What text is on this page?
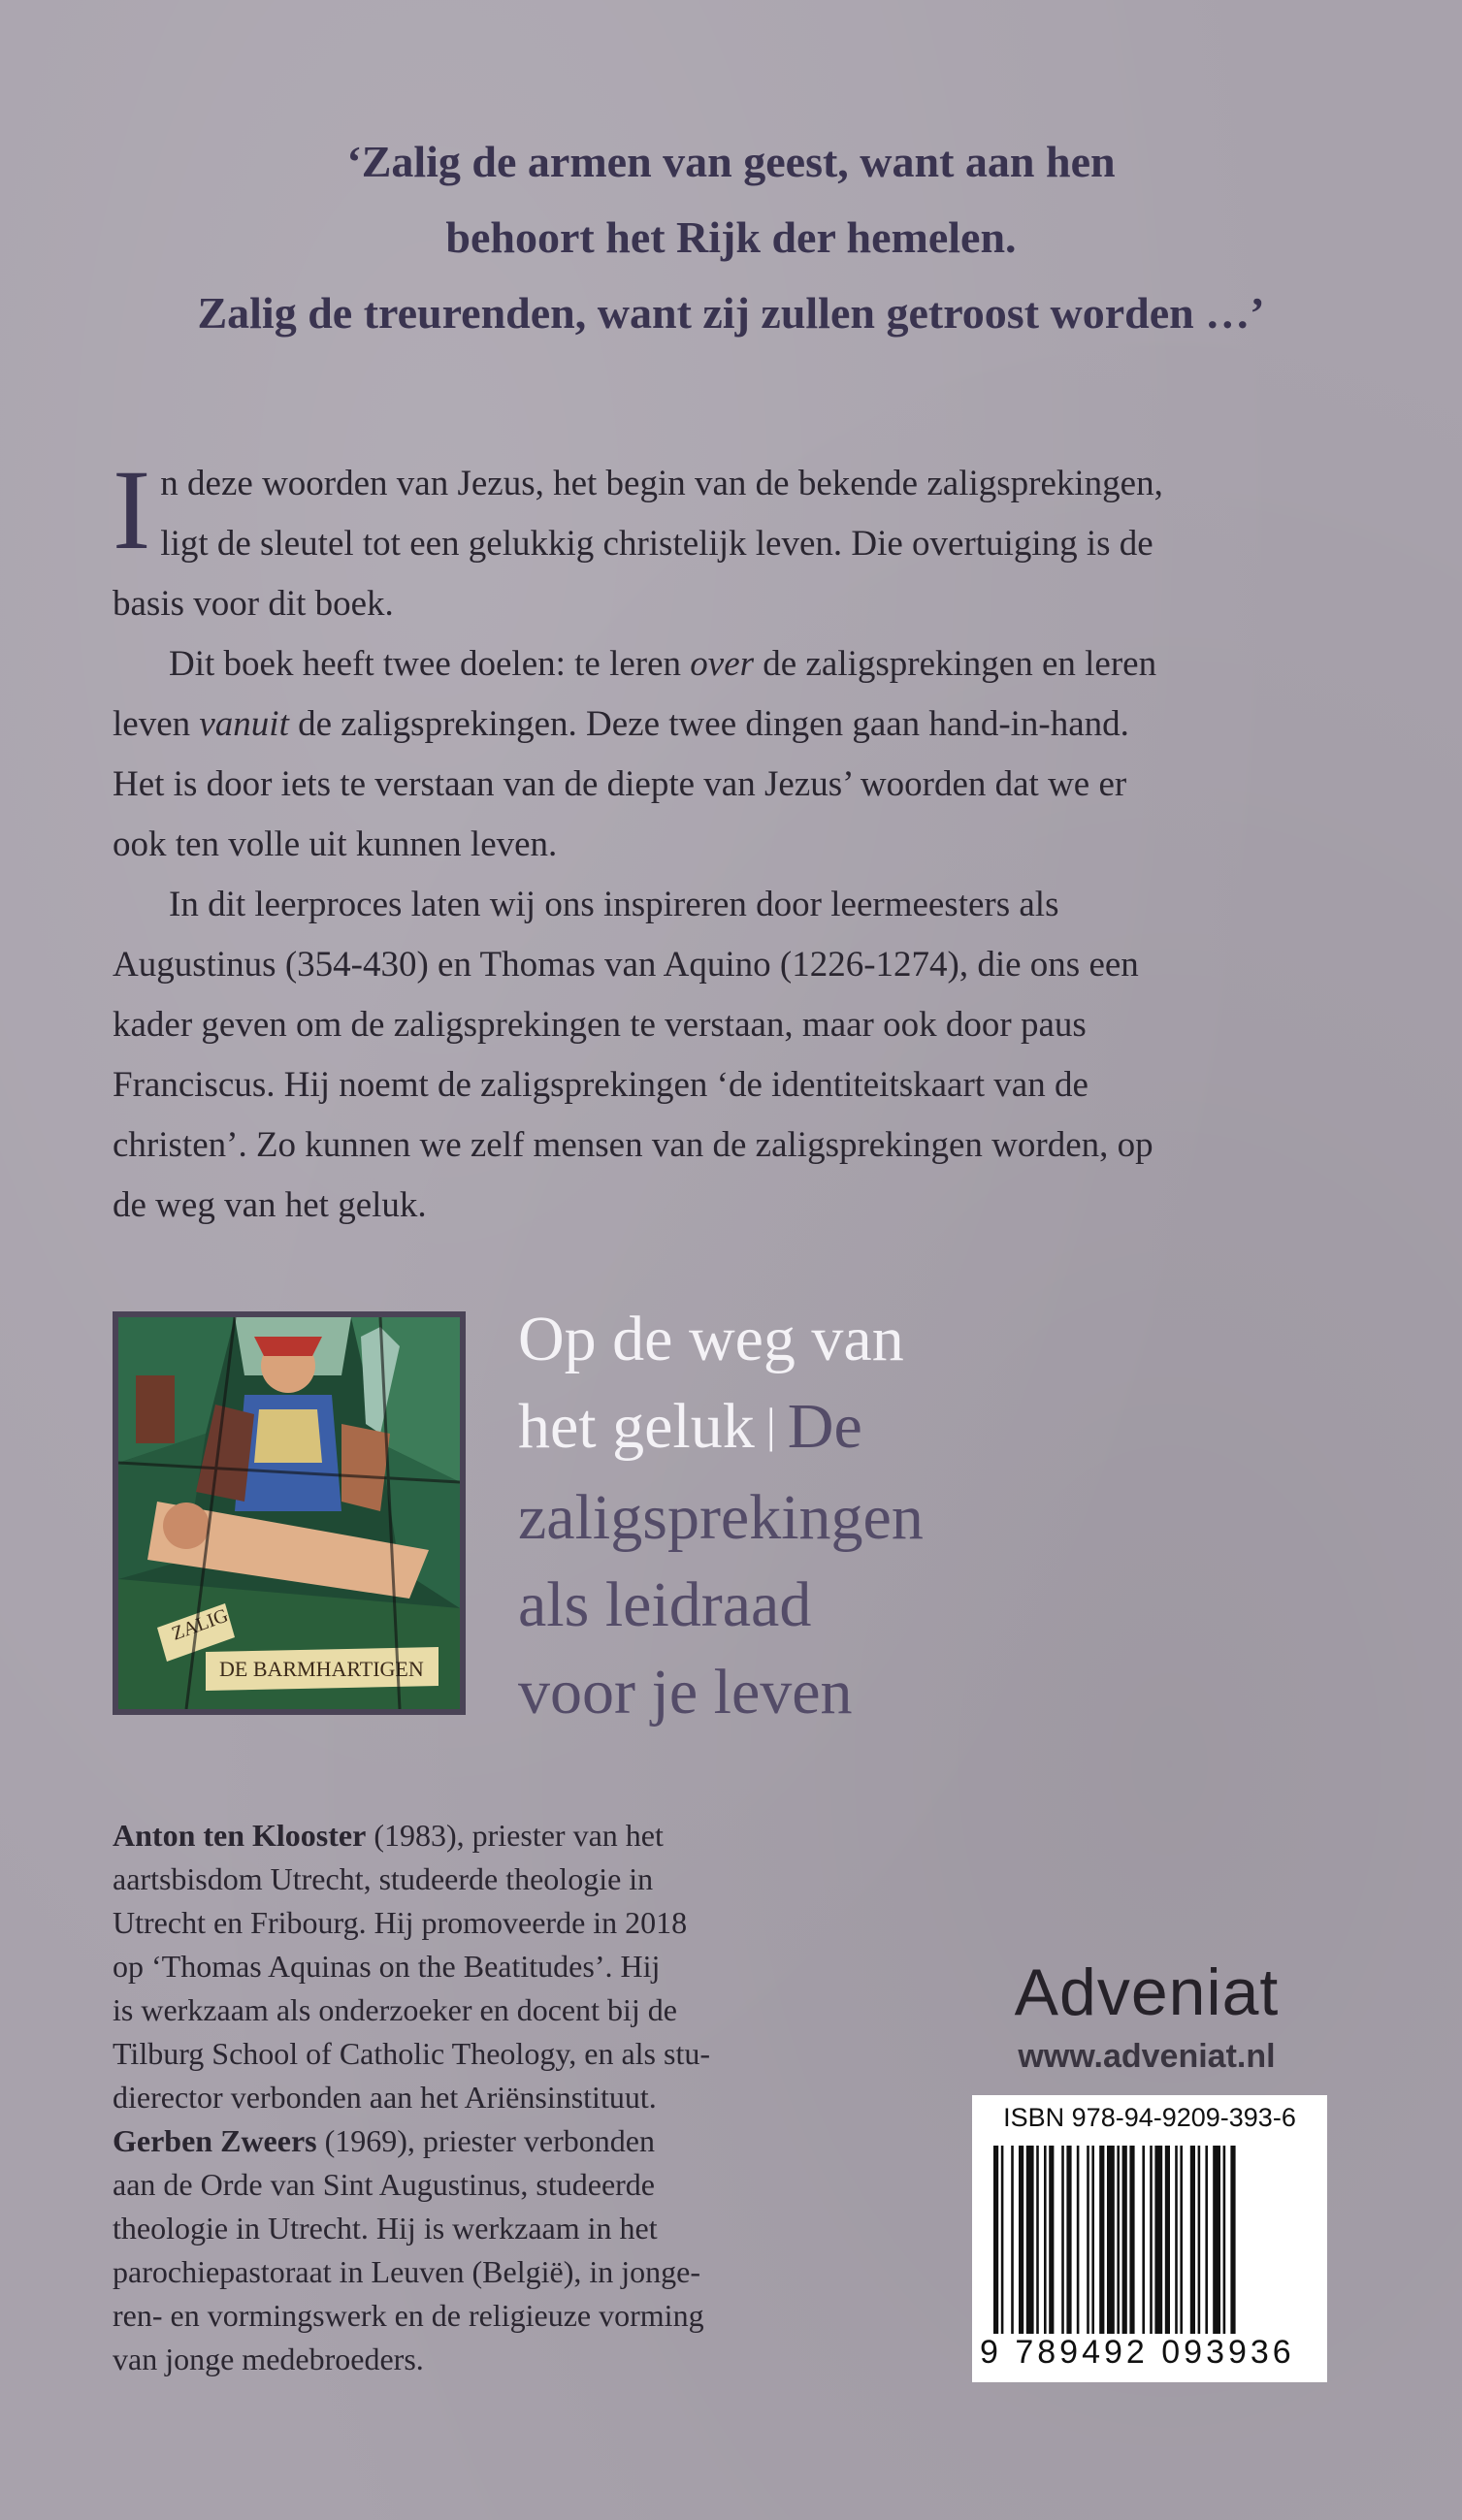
‘Zalig de armen van geest, want aan hen
behoort het Rijk der hemelen.
Zalig de treurenden, want zij zullen getroost worden …’
I n deze woorden van Jezus, het begin van de bekende zaligsprekingen,
ligt de sleutel tot een gelukkig christelijk leven. Die overtuiging is de
basis voor dit boek.
Dit boek heeft twee doelen: te leren over de zaligsprekingen en leren
leven vanuit de zaligsprekingen. Deze twee dingen gaan hand-in-hand.
Het is door iets te verstaan van de diepte van Jezus’ woorden dat we er
ook ten volle uit kunnen leven.
In dit leerproces laten wij ons inspireren door leermeesters als
Augustinus (354-430) en Thomas van Aquino (1226-1274), die ons een
kader geven om de zaligsprekingen te verstaan, maar ook door paus
Franciscus. Hij noemt de zaligsprekingen ‘de identiteitskaart van de
christen’. Zo kunnen we zelf mensen van de zaligsprekingen worden, op
de weg van het geluk.
ZALIG
DE BARMHARTIGEN
Op de weg van
het geluk | De
zaligsprekingen
als leidraad
voor je leven
Anton ten Klooster (1983), priester van het
aartsbisdom Utrecht, studeerde theologie in
Utrecht en Fribourg. Hij promoveerde in 2018
op ‘Thomas Aquinas on the Beatitudes’. Hij
is werkzaam als onderzoeker en docent bij de
Tilburg School of Catholic Theology, en als stu-
dierector verbonden aan het Ariënsinstituut.
Gerben Zweers (1969), priester verbonden
aan de Orde van Sint Augustinus, studeerde
theologie in Utrecht. Hij is werkzaam in het
parochiepastoraat in Leuven (België), in jonge-
ren- en vormingswerk en de religieuze vorming
van jonge medebroeders.
Adveniat
www.adveniat.nl
ISBN 978-94-9209-393-6
9 789492 093936
